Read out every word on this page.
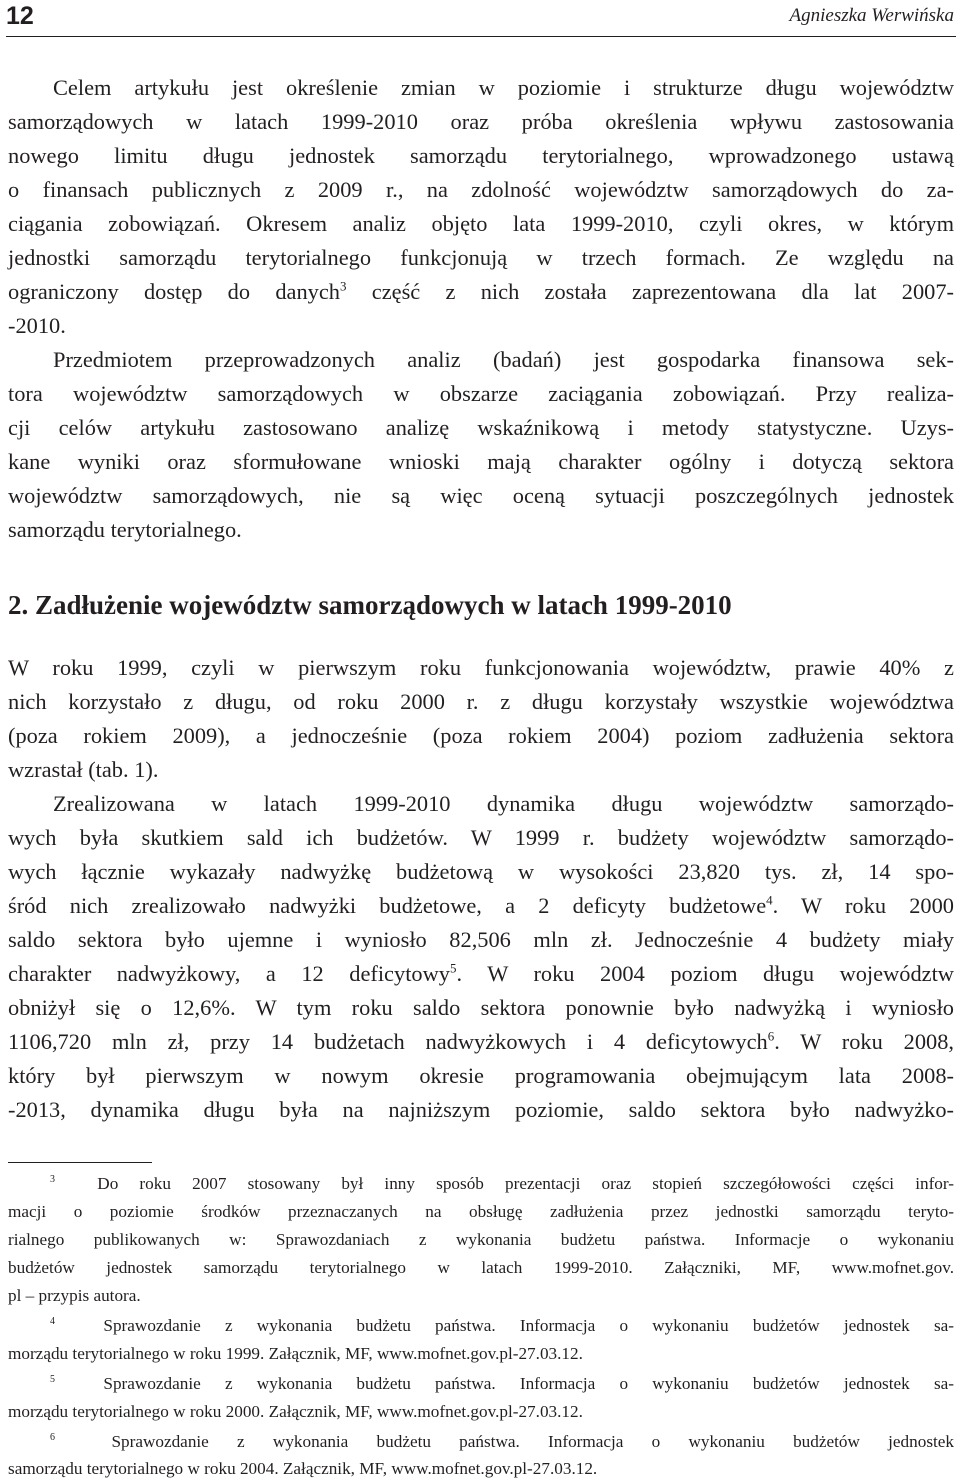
12	Agnieszka Werwińska
Celem artykułu jest określenie zmian w poziomie i strukturze długu województw
samorządowych w latach 1999-2010 oraz próba określenia wpływu zastosowania
nowego limitu długu jednostek samorządu terytorialnego, wprowadzonego ustawą
o finansach publicznych z 2009 r., na zdolność województw samorządowych do za-
ciągania zobowiązań. Okresem analiz objęto lata 1999-2010, czyli okres, w którym
jednostki samorządu terytorialnego funkcjonują w trzech formach. Ze względu na
ograniczony dostęp do danych$^3$ część z nich została zaprezentowana dla lat 2007-
-2010.
Przedmiotem przeprowadzonych analiz (badań) jest gospodarka finansowa sek-
tora województw samorządowych w obszarze zaciągania zobowiązań. Przy realiza-
cji celów artykułu zastosowano analizę wskaźnikową i metody statystyczne. Uzys-
kane wyniki oraz sformułowane wnioski mają charakter ogólny i dotyczą sektora
województw samorządowych, nie są więc oceną sytuacji poszczególnych jednostek
samorządu terytorialnego.
2. Zadłużenie województw samorządowych w latach 1999-2010
W roku 1999, czyli w pierwszym roku funkcjonowania województw, prawie 40% z
nich korzystało z długu, od roku 2000 r. z długu korzystały wszystkie województwa
(poza rokiem 2009), a jednocześnie (poza rokiem 2004) poziom zadłużenia sektora
wzrastał (tab. 1).
Zrealizowana w latach 1999-2010 dynamika długu województw samorządo-
wych była skutkiem sald ich budżetów. W 1999 r. budżety województw samorządo-
wych łącznie wykazały nadwyżkę budżetową w wysokości 23,820 tys. zł, 14 spo-
śród nich zrealizowało nadwyżki budżetowe, a 2 deficyty budżetowe$^4$. W roku 2000
saldo sektora było ujemne i wyniosło 82,506 mln zł. Jednocześnie 4 budżety miały
charakter nadwyżkowy, a 12 deficytowy$^5$. W roku 2004 poziom długu województw
obniżył się o 12,6%. W tym roku saldo sektora ponownie było nadwyżką i wyniosło
1106,720 mln zł, przy 14 budżetach nadwyżkowych i 4 deficytowych$^6$. W roku 2008,
który był pierwszym w nowym okresie programowania obejmującym lata 2008-
-2013, dynamika długu była na najniższym poziomie, saldo sektora było nadwyżko-
$^3$ Do roku 2007 stosowany był inny sposób prezentacji oraz stopień szczegółowości części infor-
macji o poziomie środków przeznaczanych na obsługę zadłużenia przez jednostki samorządu teryto-
rialnego publikowanych w: Sprawozdaniach z wykonania budżetu państwa. Informacje o wykonaniu
budżetów jednostek samorządu terytorialnego w latach 1999-2010. Załączniki, MF, www.mofnet.gov.
pl – przypis autora.
$^4$	Sprawozdanie z wykonania budżetu państwa. Informacja o wykonaniu budżetów jednostek sa-
morządu terytorialnego w roku 1999. Załącznik, MF, www.mofnet.gov.pl-27.03.12.
$^5$	Sprawozdanie z wykonania budżetu państwa. Informacja o wykonaniu budżetów jednostek sa-
morządu terytorialnego w roku 2000. Załącznik, MF, www.mofnet.gov.pl-27.03.12.
$^6$	Sprawozdanie z wykonania budżetu państwa. Informacja o wykonaniu budżetów jednostek
samorządu terytorialnego w roku 2004. Załącznik, MF, www.mofnet.gov.pl-27.03.12.
